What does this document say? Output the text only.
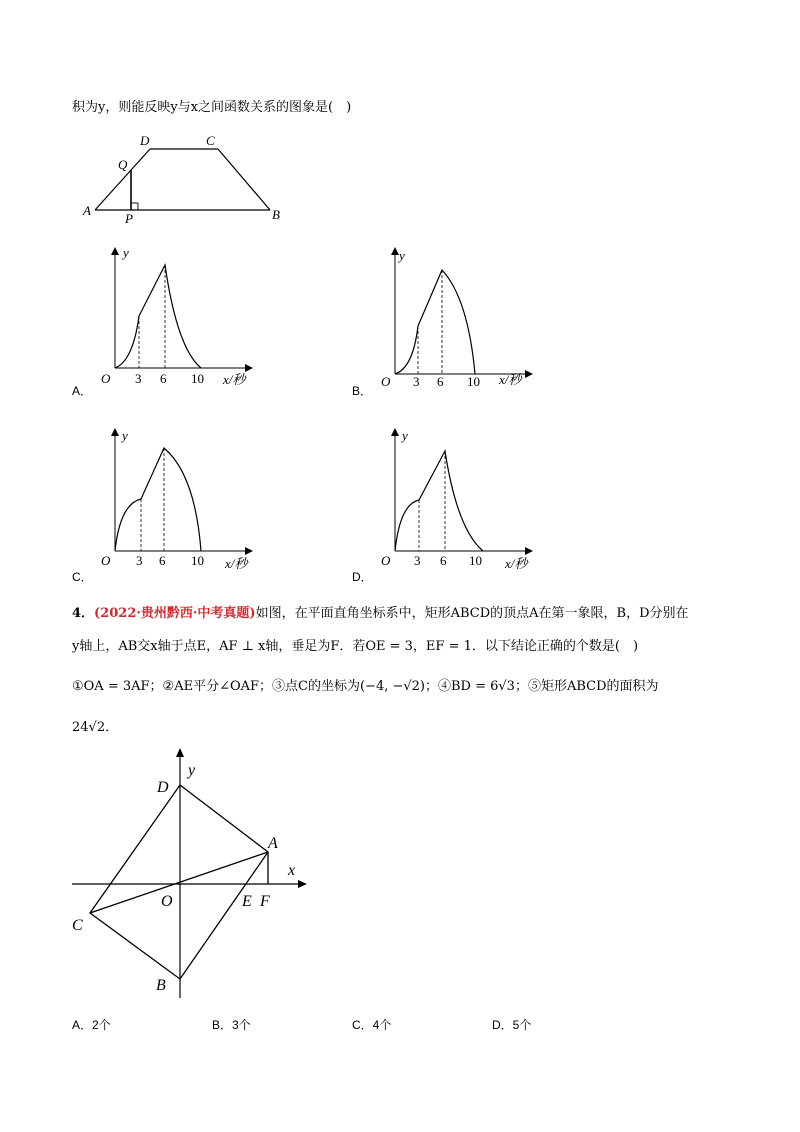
积为y，则能反映y与x之间函数关系的图象是(　)
A	B
C
D
P
Q
A．
y
O 3 6 10 x/秒
B．
y
O 3 6 10 x/秒
C．
y
O 3 6 10 x/秒
D．
y
O 3 6 10 x/秒
4．(2022·贵州黔西·中考真题)如图，在平面直角坐标系中，矩形ABCD的顶点A在第一象限，B，D分别在
y轴上，AB交x轴于点E，AF ⊥ x轴，垂足为F．若OE = 3，EF = 1．以下结论正确的个数是(　)
①OA = 3AF；②AE平分∠OAF；③点C的坐标为(−4, −√2)；④BD = 6√3；⑤矩形ABCD的面积为
24√2．
y
x
D
A
C
B
O	E F
A．2个	B．3个	C．4个	D．5个
